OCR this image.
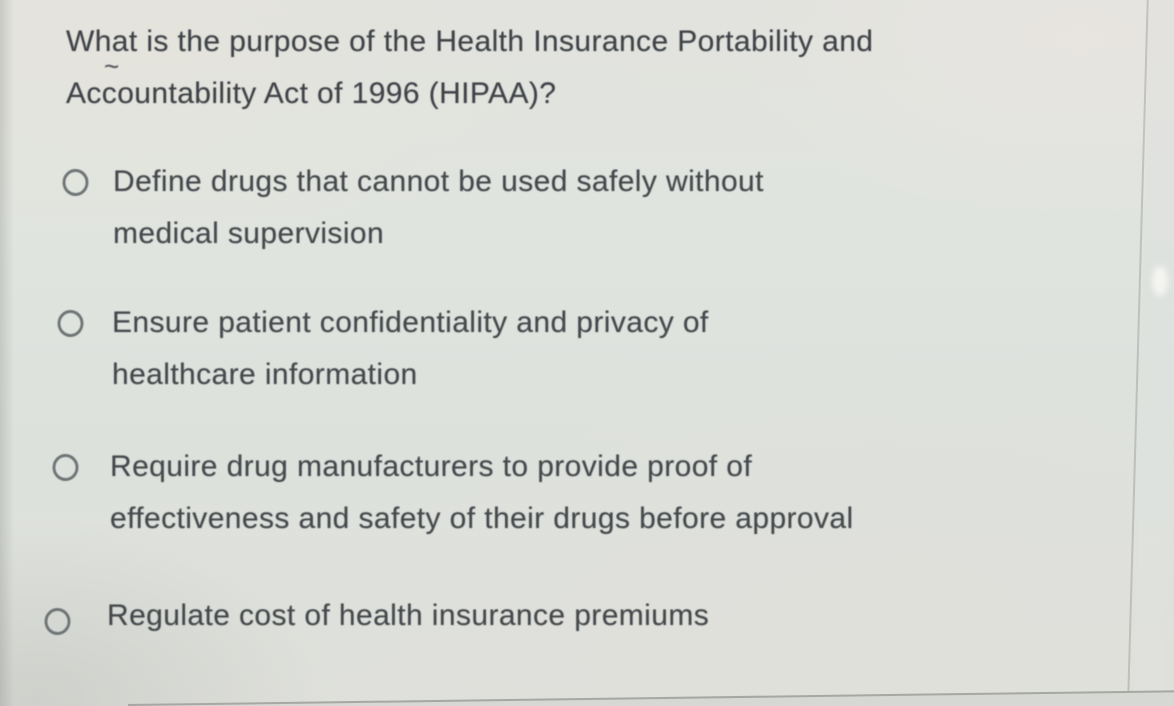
What is the purpose of the Health Insurance Portability and
Accountability Act of 1996 (HIPAA)?
~
Define drugs that cannot be used safely without
medical supervision
Ensure patient confidentiality and privacy of
healthcare information
Require drug manufacturers to provide proof of
effectiveness and safety of their drugs before approval
Regulate cost of health insurance premiums
